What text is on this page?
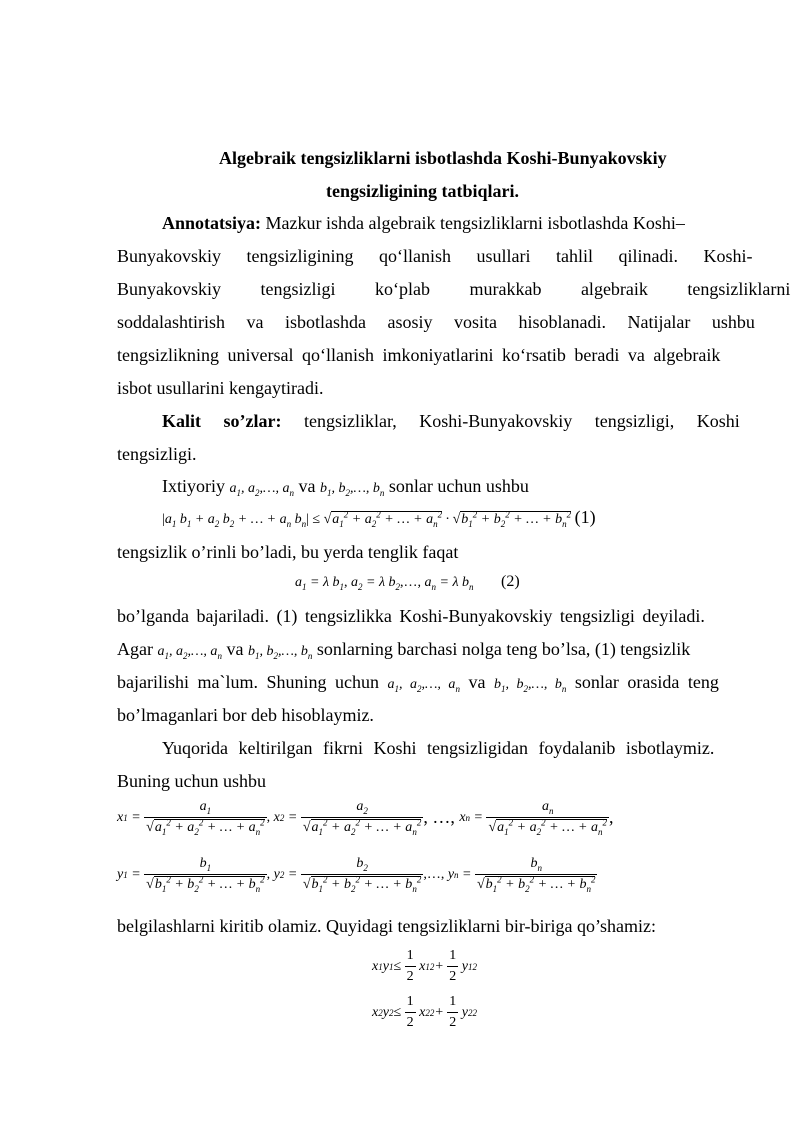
Algebraik tengsizliklarni isbotlashda Koshi-Bunyakovskiy
tengsizligining tatbiqlari.
Annotatsiya: Mazkur ishda algebraik tengsizliklarni isbotlashda Koshi–
Bunyakovskiy tengsizligining qo‘llanish usullari tahlil qilinadi. Koshi-
Bunyakovskiy tengsizligi ko‘plab murakkab algebraik tengsizliklarni
soddalashtirish va isbotlashda asosiy vosita hisoblanadi. Natijalar ushbu
tengsizlikning universal qo‘llanish imkoniyatlarini ko‘rsatib beradi va algebraik
isbot usullarini kengaytiradi.
Kalit so’zlar: tengsizliklar, Koshi-Bunyakovskiy tengsizligi, Koshi
tengsizligi.
Ixtiyoriy $a_1$, $a_2,\dots$, $a_n$ va $b_1$, $b_2,\dots$, $b_n$ sonlar uchun ushbu
$|a_1$ $b_1 + a_2$ $b_2$ + … + $a_n$ $b_n| \le √a_1^2 + a_2^2$ + … + $a_n^2 \cdot √b_1^2 + b_2^2$ + … + $b_n^2$ (1)
tengsizlik o’rinli bo’ladi, bu yerda tenglik faqat
$a_1 = \lambda$ $b_1$, $a_2 = \lambda$ $b_2,\dots$, $a_n = \lambda$ $b_n$ (2)
bo’lganda bajariladi. (1) tengsizlikka Koshi-Bunyakovskiy tengsizligi deyiladi.
Agar $a_1$, $a_2,\dots$, $a_n$ va $b_1$, $b_2,\dots$, $b_n$ sonlarning barchasi nolga teng bo’lsa, (1) tengsizlik
bajarilishi ma`lum. Shuning uchun $a_1$, $a_2,\dots$, $a_n$ va $b_1$, $b_2,\dots$, $b_n$ sonlar orasida teng
bo’lmaganlari bor deb hisoblaymiz.
Yuqorida keltirilgan fikrni Koshi tengsizligidan foydalanib isbotlaymiz.
Buning uchun ushbu
x $1 = \frac{a_1}{√a_1^2 + a_2^2 + \dots + a_n^2}$ , x $2 = \frac{a_2}{√a_1^2 + a_2^2 + \dots + a_n^2}$ , …, x $n = \frac{a_n}{√a_1^2 + a_2^2 + \dots + a_n^2}$ ,
y $1 = \frac{b_1}{√b_1^2 + b_2^2 + \dots + b_n^2}$ , y $2 = \frac{b_2}{√b_1^2 + b_2^2 + \dots + b_n^2}$ ,…, y $n = \frac{b_n}{√b_1^2 + b_2^2 + \dots + b_n^2}$
belgilashlarni kiritib olamiz. Quyidagi tengsizliklarni bir-biriga qo’shamiz:
x 1 y $1 \le \frac{1}{2}$ x 1 $2 + \frac{1}{2}$ y 1 2
x 2 y $2 \le \frac{1}{2}$ x 2 $2 + \frac{1}{2}$ y 2 2
